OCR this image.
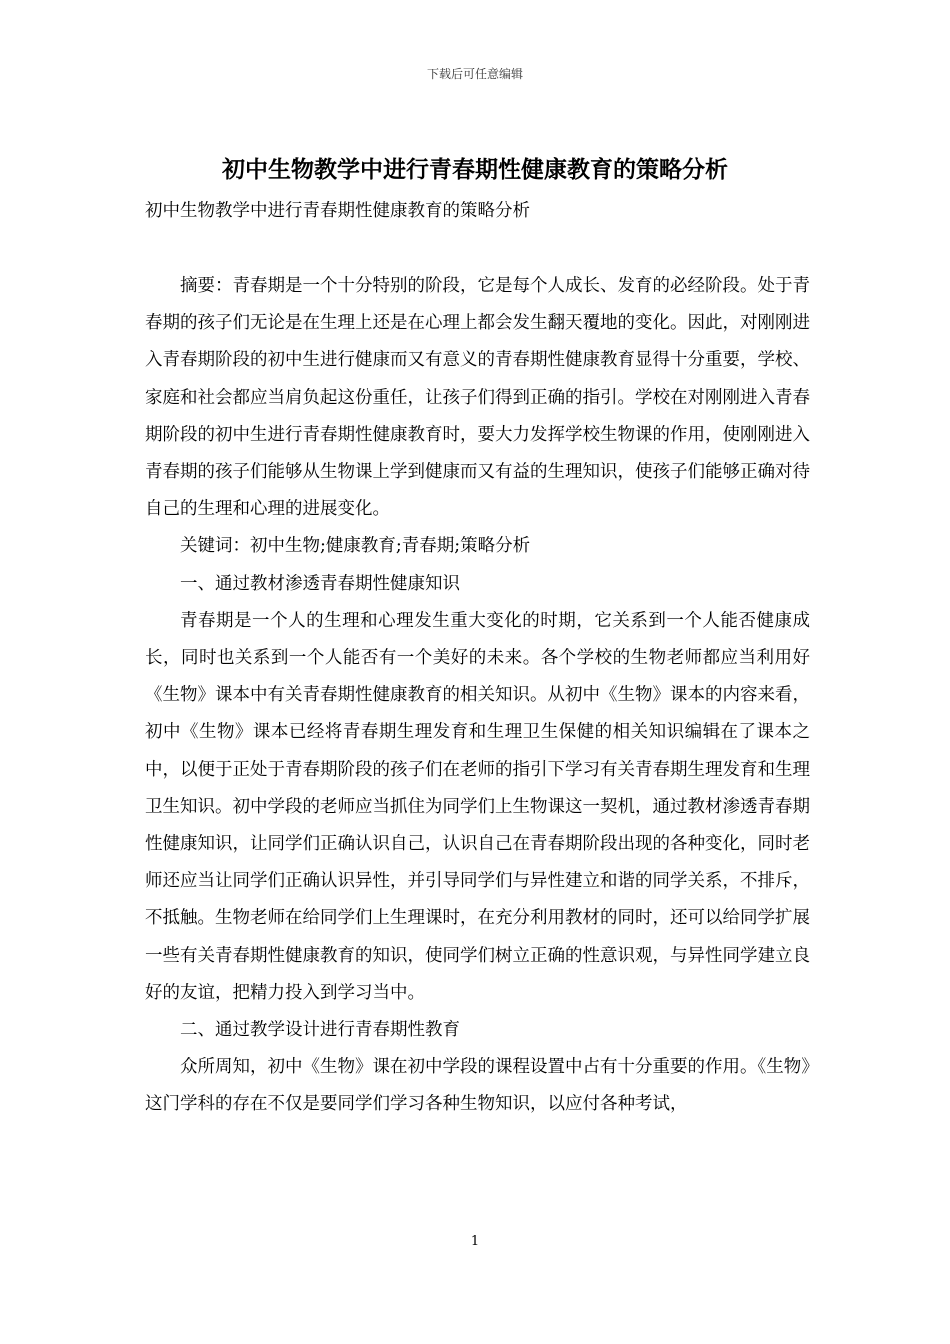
下载后可任意编辑
初中生物教学中进行青春期性健康教育的策略分析
初中生物教学中进行青春期性健康教育的策略分析

摘要：青春期是一个十分特别的阶段，它是每个人成长、发育的必经阶段。处于青春期的孩子们无论是在生理上还是在心理上都会发生翻天覆地的变化。因此，对刚刚进入青春期阶段的初中生进行健康而又有意义的青春期性健康教育显得十分重要，学校、家庭和社会都应当肩负起这份重任，让孩子们得到正确的指引。学校在对刚刚进入青春期阶段的初中生进行青春期性健康教育时，要大力发挥学校生物课的作用，使刚刚进入青春期的孩子们能够从生物课上学到健康而又有益的生理知识，使孩子们能够正确对待自己的生理和心理的进展变化。

关键词：初中生物;健康教育;青春期;策略分析

一、通过教材渗透青春期性健康知识

青春期是一个人的生理和心理发生重大变化的时期，它关系到一个人能否健康成长，同时也关系到一个人能否有一个美好的未来。各个学校的生物老师都应当利用好《生物》课本中有关青春期性健康教育的相关知识。从初中《生物》课本的内容来看，初中《生物》课本已经将青春期生理发育和生理卫生保健的相关知识编辑在了课本之中，以便于正处于青春期阶段的孩子们在老师的指引下学习有关青春期生理发育和生理卫生知识。初中学段的老师应当抓住为同学们上生物课这一契机，通过教材渗透青春期性健康知识，让同学们正确认识自己，认识自己在青春期阶段出现的各种变化，同时老师还应当让同学们正确认识异性，并引导同学们与异性建立和谐的同学关系，不排斥，不抵触。生物老师在给同学们上生理课时，在充分利用教材的同时，还可以给同学扩展一些有关青春期性健康教育的知识，使同学们树立正确的性意识观，与异性同学建立良好的友谊，把精力投入到学习当中。

二、通过教学设计进行青春期性教育

众所周知，初中《生物》课在初中学段的课程设置中占有十分重要的作用。《生物》这门学科的存在不仅是要同学们学习各种生物知识，以应付各种考试，

1
